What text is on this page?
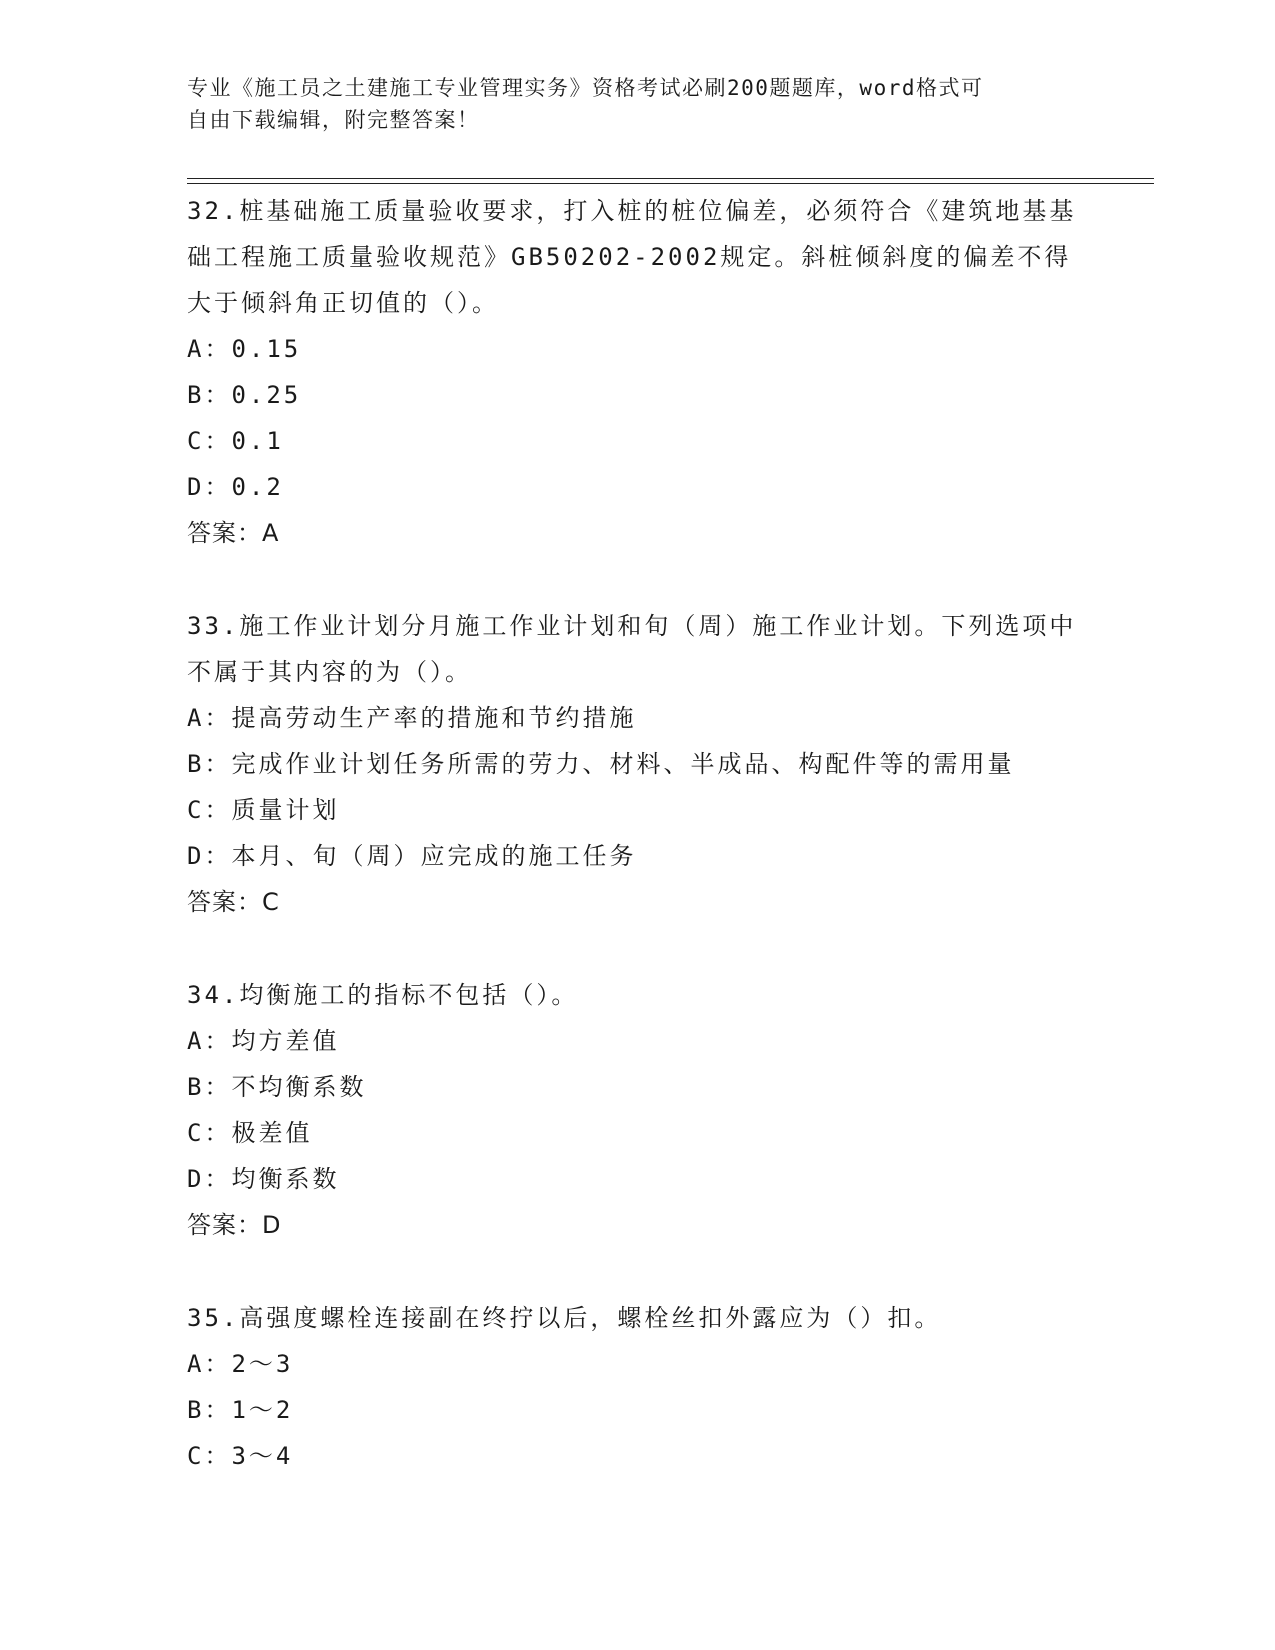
专业《施工员之土建施工专业管理实务》资格考试必刷200题题库，word格式可
自由下载编辑，附完整答案！
32.桩基础施工质量验收要求，打入桩的桩位偏差，必须符合《建筑地基基础工程施工质量验收规范》GB50202-2002规定。斜桩倾斜度的偏差不得大于倾斜角正切值的（）。
A：0.15
B：0.25
C：0.1
D：0.2
答案：A
33.施工作业计划分月施工作业计划和旬（周）施工作业计划。下列选项中不属于其内容的为（）。
A：提高劳动生产率的措施和节约措施
B：完成作业计划任务所需的劳力、材料、半成品、构配件等的需用量
C：质量计划
D：本月、旬（周）应完成的施工任务
答案：C
34.均衡施工的指标不包括（）。
A：均方差值
B：不均衡系数
C：极差值
D：均衡系数
答案：D
35.高强度螺栓连接副在终拧以后，螺栓丝扣外露应为（）扣。
A：2～3
B：1～2
C：3～4
